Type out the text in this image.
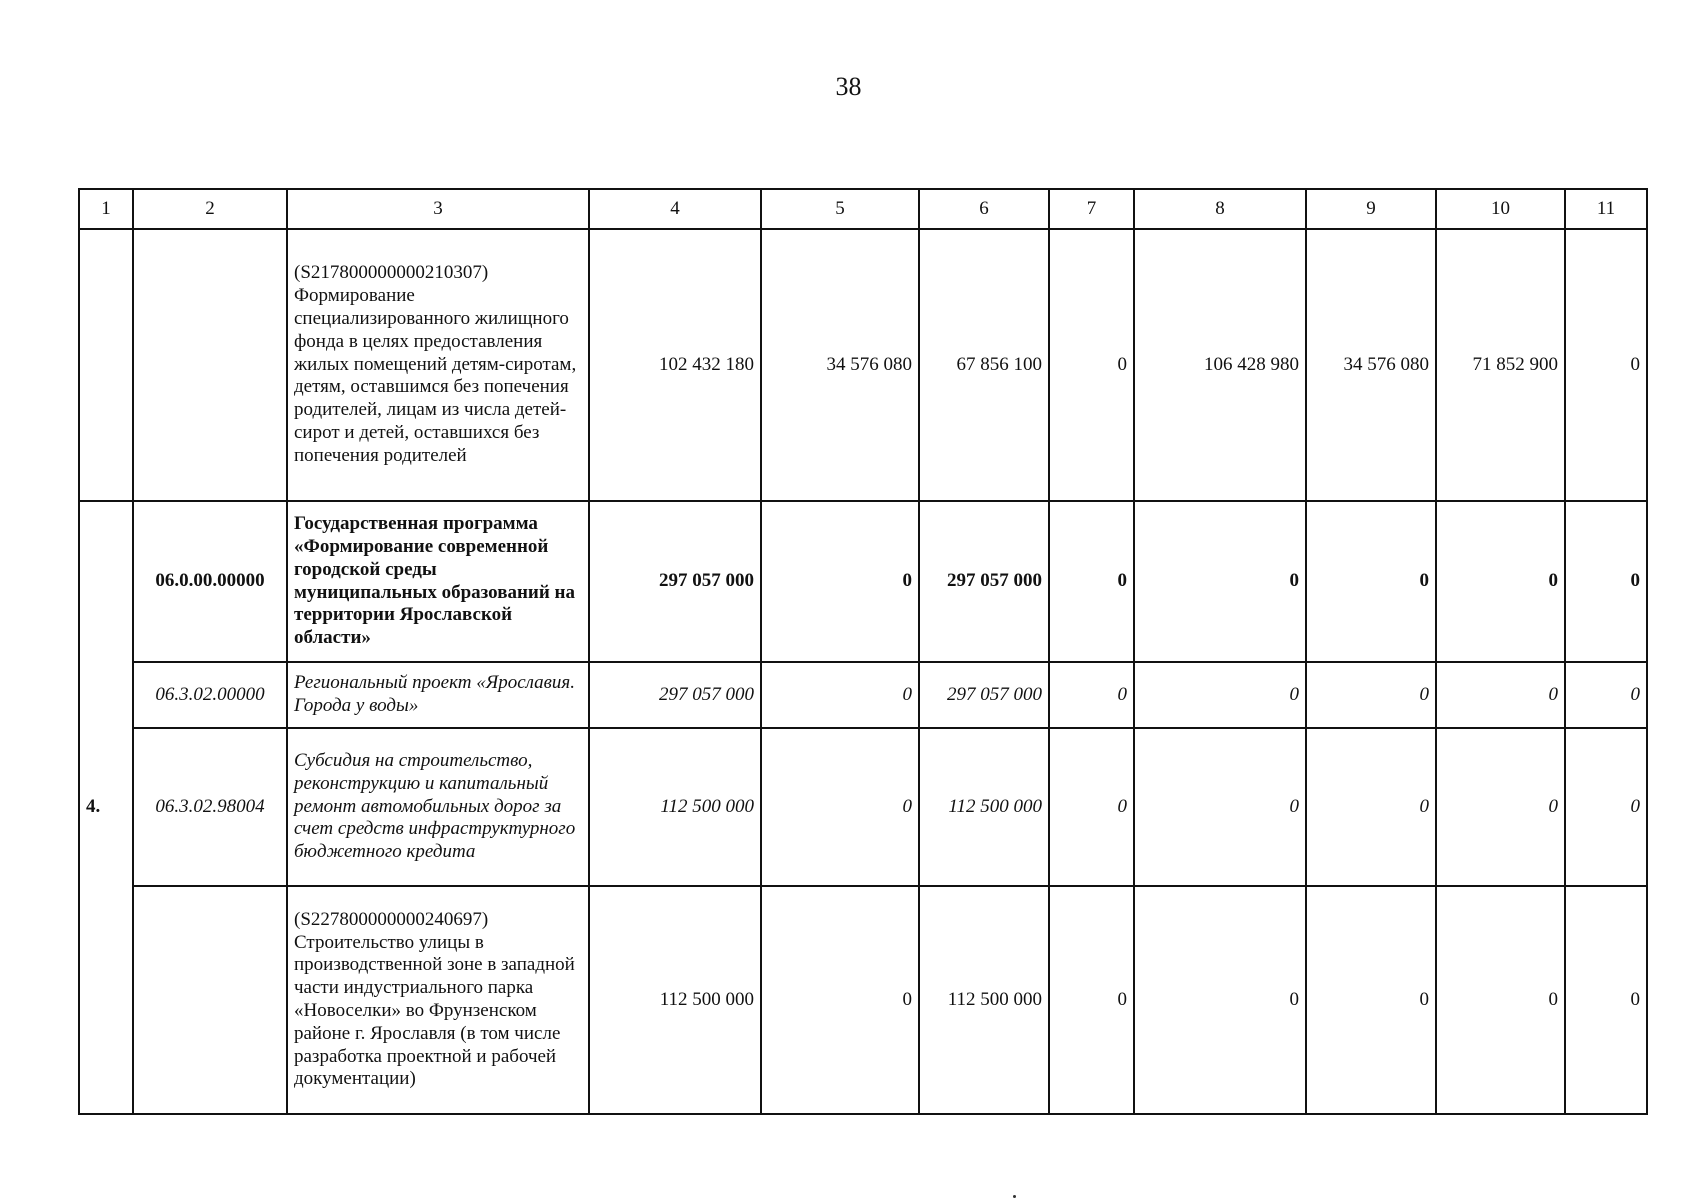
38
1	2	3	4	5	6	7	8	9	10	11
		(S217800000000210307) Формирование специализированного жилищного фонда в целях предоставления жилых помещений детям-сиротам, детям, оставшимся без попечения родителей, лицам из числа детей-сирот и детей, оставшихся без попечения родителей	102 432 180	34 576 080	67 856 100	0	106 428 980	34 576 080	71 852 900	0
4.	06.0.00.00000	Государственная программа «Формирование современной городской среды муниципальных образований на территории Ярославской области»	297 057 000	0	297 057 000	0	0	0	0	0
	06.3.02.00000	Региональный проект «Ярославия. Города у воды»	297 057 000	0	297 057 000	0	0	0	0	0
	06.3.02.98004	Субсидия на строительство, реконструкцию и капитальный ремонт автомобильных дорог за счет средств инфраструктурного бюджетного кредита	112 500 000	0	112 500 000	0	0	0	0	0
		(S227800000000240697) Строительство улицы в производственной зоне в западной части индустриального парка «Новоселки» во Фрунзенском районе г. Ярославля (в том числе разработка проектной и рабочей документации)	112 500 000	0	112 500 000	0	0	0	0	0
